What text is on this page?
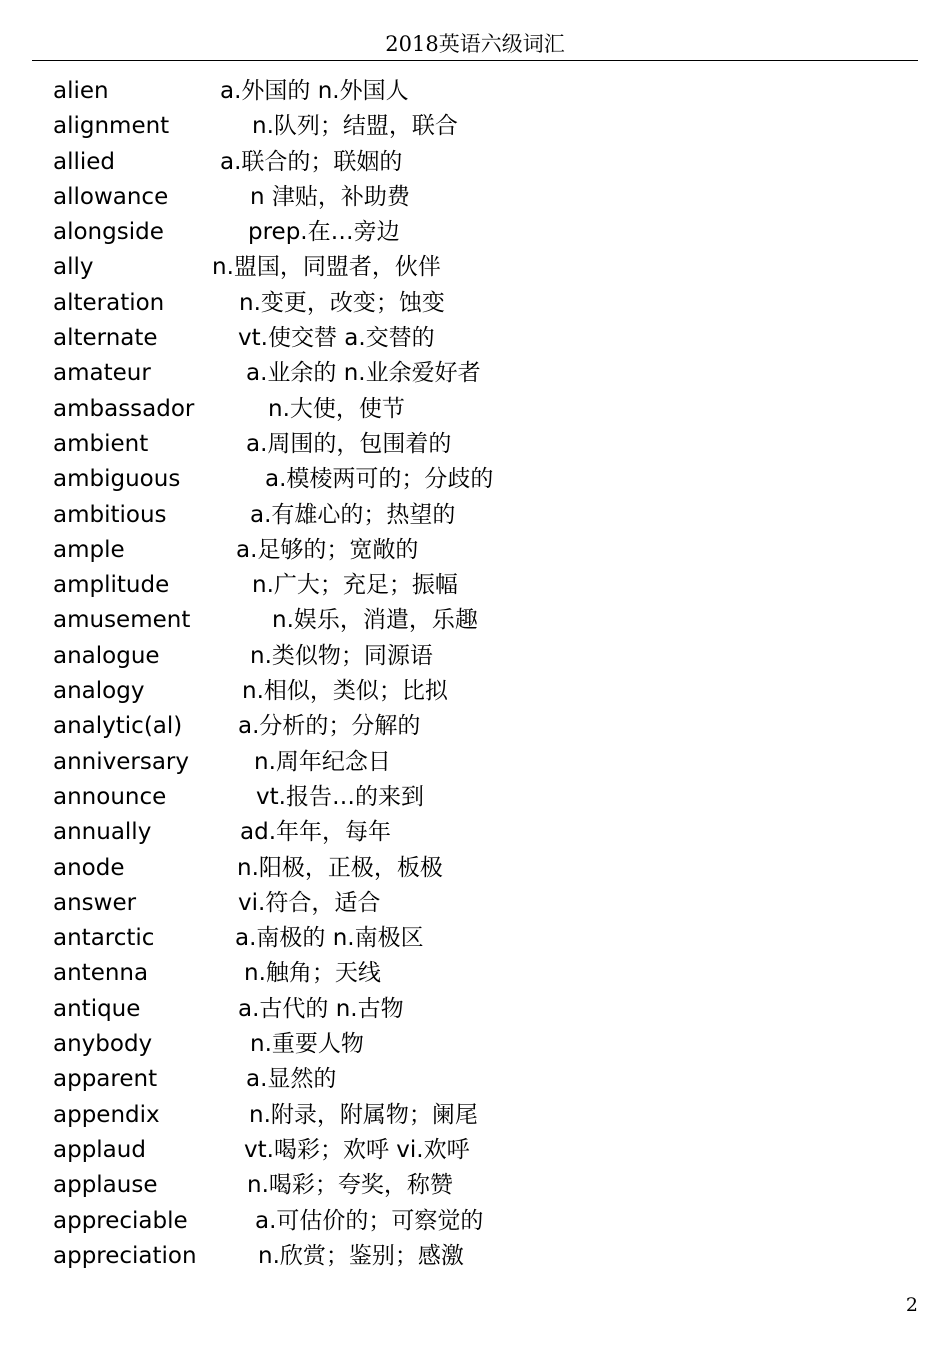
2018英语六级词汇
alien	a.外国的 n.外国人
alignment	n.队列；结盟，联合
allied	a.联合的；联姻的
allowance	n 津贴，补助费
alongside	prep.在…旁边
ally	n.盟国，同盟者，伙伴
alteration	n.变更，改变；蚀变
alternate	vt.使交替 a.交替的
amateur	a.业余的 n.业余爱好者
ambassador	n.大使，使节
ambient	a.周围的，包围着的
ambiguous	a.模棱两可的；分歧的
ambitious	a.有雄心的；热望的
ample	a.足够的；宽敞的
amplitude	n.广大；充足；振幅
amusement	n.娱乐，消遣，乐趣
analogue	n.类似物；同源语
analogy	n.相似，类似；比拟
analytic(al) a.分析的；分解的
anniversary	n.周年纪念日
announce	vt.报告…的来到
annually	ad.年年，每年
anode	n.阳极，正极，板极
answer	vi.符合，适合
antarctic	a.南极的 n.南极区
antenna	n.触角；天线
antique	a.古代的 n.古物
anybody	n.重要人物
apparent	a.显然的
appendix	n.附录，附属物；阑尾
applaud	vt.喝彩；欢呼 vi.欢呼
applause	n.喝彩；夸奖，称赞
appreciable	a.可估价的；可察觉的
appreciation	n.欣赏；鉴别；感激
2
